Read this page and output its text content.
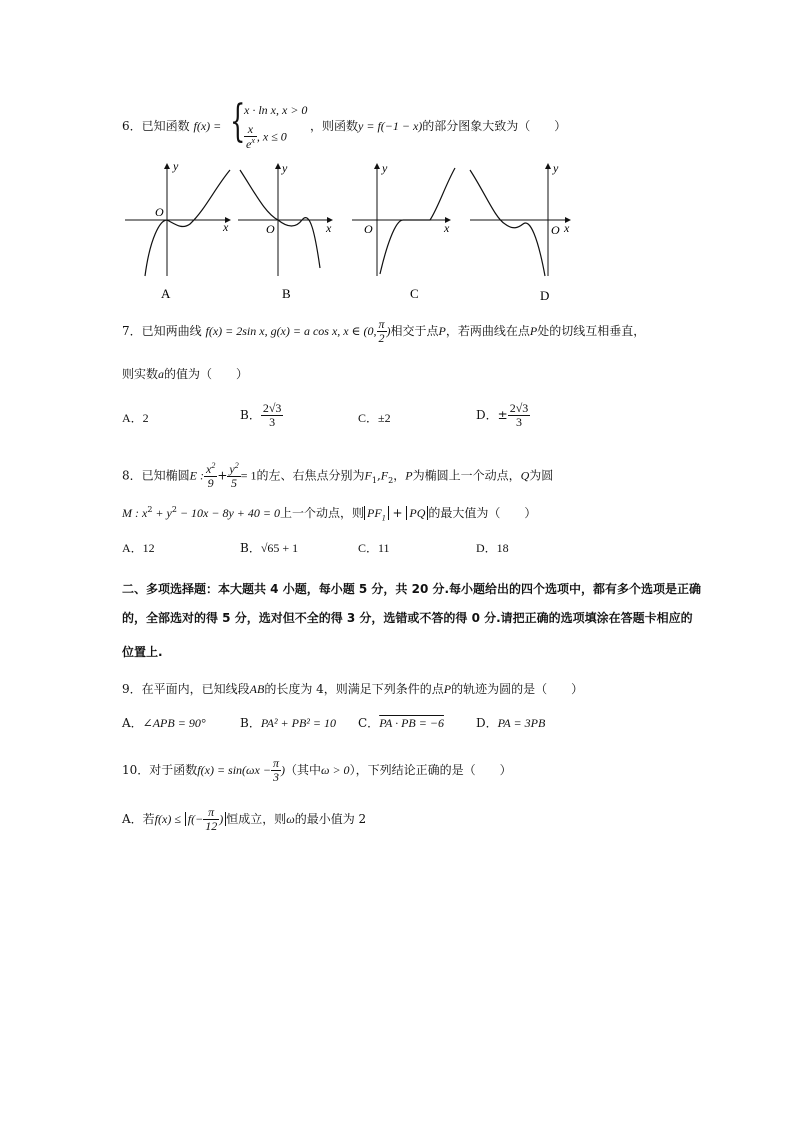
6．已知函数 f(x) = {
x · ln x, x > 0
$\frac{x}{e^x}$ , x ≤ 0
，则函数y = f(−1 − x)的部分图象大致为（　　）
y
x
O
A
y
x
O
B
y
x
O
C
y
x
O
D
7．已知两曲线 f(x) = 2sin x, g(x) = a cos x, x ∈ (0, $\frac{\pi}{2}$ )相交于点P，若两曲线在点P处的切线互相垂直，
则实数a的值为（　　）
A．2	B． $\frac{2√3}{3}$	C．±2	D．± $\frac{2√3}{3}$
8．已知椭圆E : $\frac{x^2}{9} + \frac{y^2}{5} = 1$的左、右焦点分别为$F_1,F_2$，P为椭圆上一个动点，Q为圆
M : $x^2 + y^2 - 10x - 8y + 40 = 0$上一个动点，则 $PF_1$ + PQ 的最大值为（　　）
A．12	B．√65 + 1	C．11	D．18
二、多项选择题：本大题共 4 小题，每小题 5 分，共 20 分.每小题给出的四个选项中，都有多个选项是正确
的，全部选对的得 5 分，选对但不全的得 3 分，选错或不答的得 0 分.请把正确的选项填涂在答题卡相应的
位置上.
9．在平面内，已知线段AB的长度为 4，则满足下列条件的点P的轨迹为圆的是（　　）
A．∠APB = 90°	B．PA² + PB² = 10 C．PA · PB = −6	D．PA = 3PB
10．对于函数$f(x) = \sin(\omega x - \frac{\pi}{3}$ )（其中ω > 0），下列结论正确的是（　　）
A．若$f(x) \le f(- \frac{\pi}{12}$ ) 恒成立，则ω的最小值为 2
